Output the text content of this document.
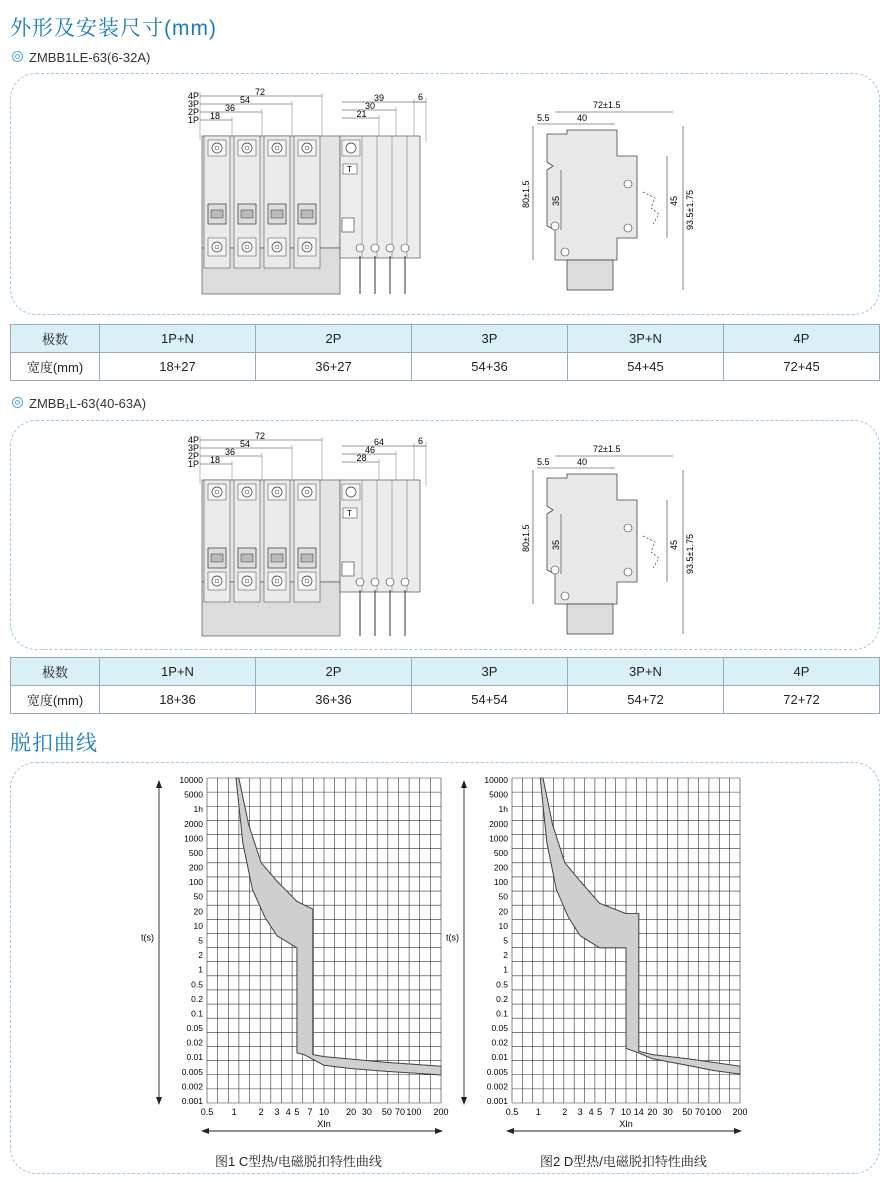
外形及安装尺寸(mm)
ZMBB1LE-63(6-32A)
4P	72
3P	54
2P	36
1P 18
39
30
21
6
T
72±1.5
40
5.5
80±1.5 35	45 93.5±1.75
极数	1P+N	2P	3P	3P+N	4P
宽度(mm)	18+27	36+27	54+36	54+45	72+45
ZMBB₁L-63(40-63A)
4P	72
3P	54
2P	36
1P 18
64
46
28
6
T
72±1.5
40
5.5
80±1.5 35	45 93.5±1.75
极数	1P+N	2P	3P	3P+N	4P
宽度(mm)	18+36	36+36	54+54	54+72	72+72
脱扣曲线
10000
5000
1h
2000
1000
500
200
100
50
20
10
5
2
1
0.5
0.2
0.1
0.05
0.02
0.01
0.005
0.002
0.001
0.5 1 2 3 4 5 7 10 20 30 50 70 100 200
t(s)
XIn
10000
5000
1h
2000
1000
500
200
100
50
20
10
5
2
1
0.5
0.2
0.1
0.05
0.02
0.01
0.005
0.002
0.001
0.5 1 2 3 4 5 7 10 14 20 30 50 70 100 200
t(s)
XIn
图1 C型热/电磁脱扣特性曲线	图2 D型热/电磁脱扣特性曲线
